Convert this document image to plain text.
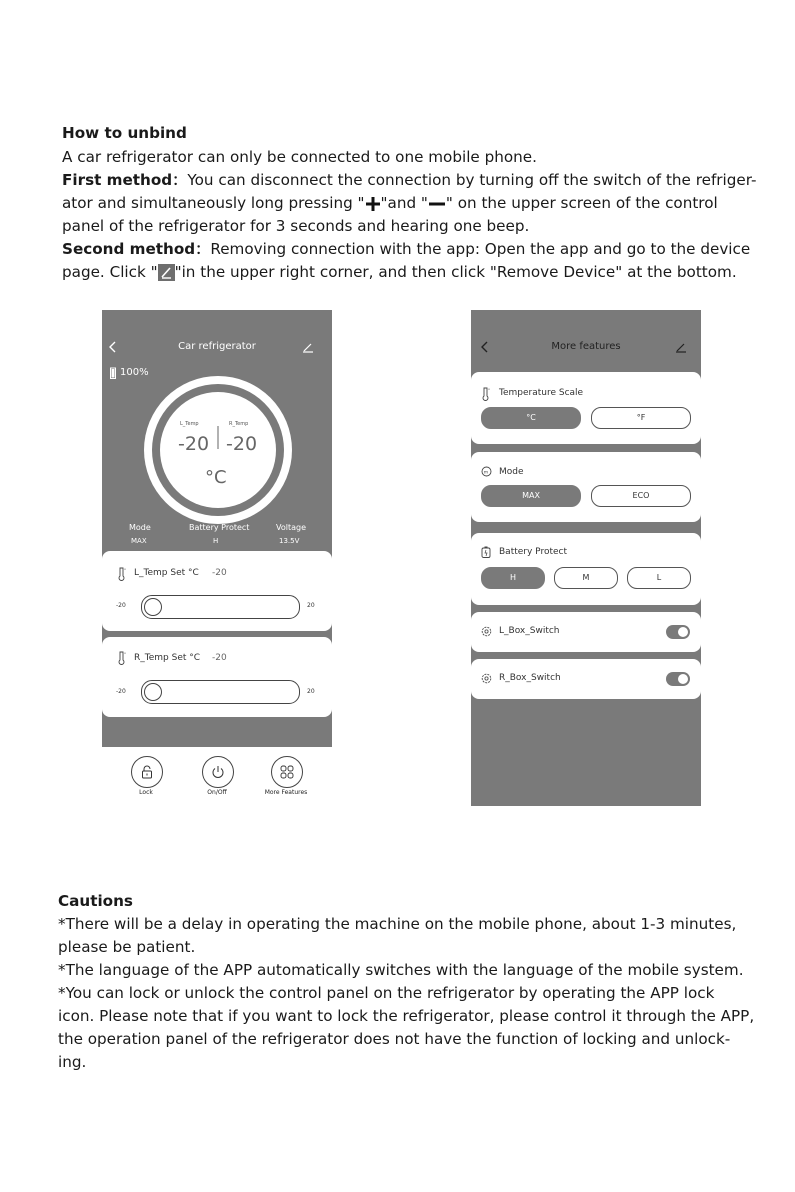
How to unbind
A car refrigerator can only be connected to one mobile phone.
First method：You can disconnect the connection by turning off the switch of the refriger-
ator and simultaneously long pressing " "and " " on the upper screen of the control
panel of the refrigerator for 3 seconds and hearing one beep.
Second method：Removing connection with the app: Open the app and go to the device
page. Click " "in the upper right corner, and then click "Remove Device" at the bottom.
Car refrigerator
100%
L_Temp	R_Temp
-20 -20
°C
Mode
MAX
Battery Protect
H
Voltage
13.5V
° L_Temp Set °C -20
-20	20
° R_Temp Set °C -20
-20	20
Lock	On/Off	More Features
More features
° Temperature Scale
°C	°F
m Mode
MAX	ECO
Battery Protect
H	M	L
L_Box_Switch
R_Box_Switch
Cautions
*There will be a delay in operating the machine on the mobile phone, about 1-3 minutes,
please be patient.
*The language of the APP automatically switches with the language of the mobile system.
*You can lock or unlock the control panel on the refrigerator by operating the APP lock
icon. Please note that if you want to lock the refrigerator, please control it through the APP,
the operation panel of the refrigerator does not have the function of locking and unlock-
ing.
